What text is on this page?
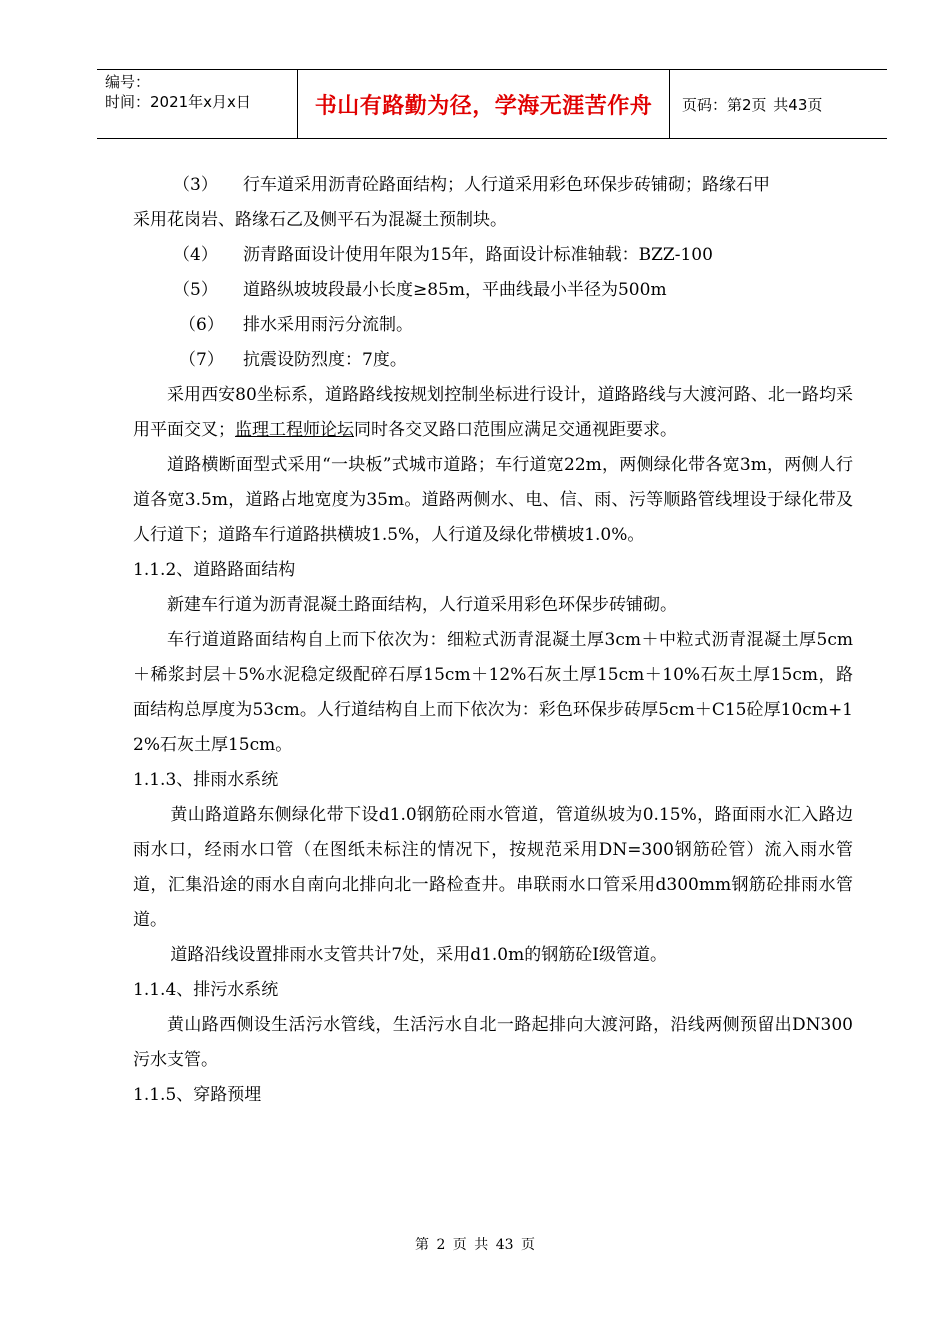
编号：
时间：2021年x月x日	书山有路勤为径，学海无涯苦作舟	页码：第2页 共43页
（3）	行车道采用沥青砼路面结构；人行道采用彩色环保步砖铺砌；路缘石甲

采用花岗岩、路缘石乙及侧平石为混凝土预制块。

（4）	沥青路面设计使用年限为15年，路面设计标准轴载：BZZ-100
（5）	道路纵坡坡段最小长度≥85m，平曲线最小半径为500m
（6）	排水采用雨污分流制。
（7）	抗震设防烈度：7度。

采用西安80坐标系，道路路线按规划控制坐标进行设计，道路路线与大渡河路、北一路均采用平面交叉；监理工程师论坛同时各交叉路口范围应满足交通视距要求。

道路横断面型式采用“一块板”式城市道路；车行道宽22m，两侧绿化带各宽3m，两侧人行道各宽3.5m，道路占地宽度为35m。道路两侧水、电、信、雨、污等顺路管线埋设于绿化带及人行道下；道路车行道路拱横坡1.5%，人行道及绿化带横坡1.0%。

1.1.2、道路路面结构

新建车行道为沥青混凝土路面结构，人行道采用彩色环保步砖铺砌。

车行道道路面结构自上而下依次为：细粒式沥青混凝土厚3cm＋中粒式沥青混凝土厚5cm ＋稀浆封层＋5%水泥稳定级配碎石厚15cm＋12%石灰土厚15cm＋10%石灰土厚15cm，路面结构总厚度为53cm。人行道结构自上而下依次为：彩色环保步砖厚5cm＋C15砼厚10cm+12%石灰土厚15cm。

1.1.3、排雨水系统

黄山路道路东侧绿化带下设d1.0钢筋砼雨水管道，管道纵坡为0.15%，路面雨水汇入路边雨水口，经雨水口管（在图纸未标注的情况下，按规范采用DN=300钢筋砼管）流入雨水管道，汇集沿途的雨水自南向北排向北一路检查井。串联雨水口管采用d300mm钢筋砼排雨水管道。

道路沿线设置排雨水支管共计7处，采用d1.0m的钢筋砼Ⅰ级管道。

1.1.4、排污水系统

黄山路西侧设生活污水管线，生活污水自北一路起排向大渡河路，沿线两侧预留出DN300污水支管。

1.1.5、穿路预埋

第 2 页 共 43 页
